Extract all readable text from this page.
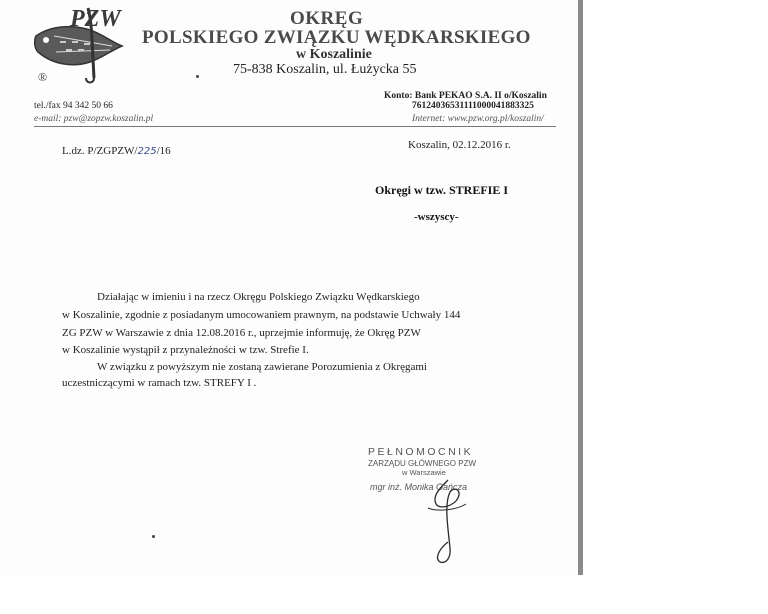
PZW
®
OKRĘG
POLSKIEGO ZWIĄZKU WĘDKARSKIEGO
w Koszalinie
75-838 Koszalin, ul. Łużycka 55
tel./fax 94 342 50 66
Konto: Bank PEKAO S.A. II o/Koszalin
76124036531111000041883325
e-mail: pzw@zopzw.koszalin.pl	Internet: www.pzw.org.pl/koszalin/
L.dz. P/ZGPZW/225/16	Koszalin, 02.12.2016 r.
Okręgi w tzw. STREFIE I
-wszyscy-
Działając w imieniu i na rzecz Okręgu Polskiego Związku Wędkarskiego
w Koszalinie, zgodnie z posiadanym umocowaniem prawnym, na podstawie Uchwały 144
ZG PZW w Warszawie z dnia 12.08.2016 r., uprzejmie informuję, że Okręg PZW
w Koszalinie wystąpił z przynależności w tzw. Strefie I.
W związku z powyższym nie zostaną zawierane Porozumienia z Okręgami
uczestniczącymi w ramach tzw. STREFY I .
PEŁNOMOCNIK
ZARZĄDU GŁÓWNEGO PZW
w Warszawie
mgr inż. Monika Gańcza
